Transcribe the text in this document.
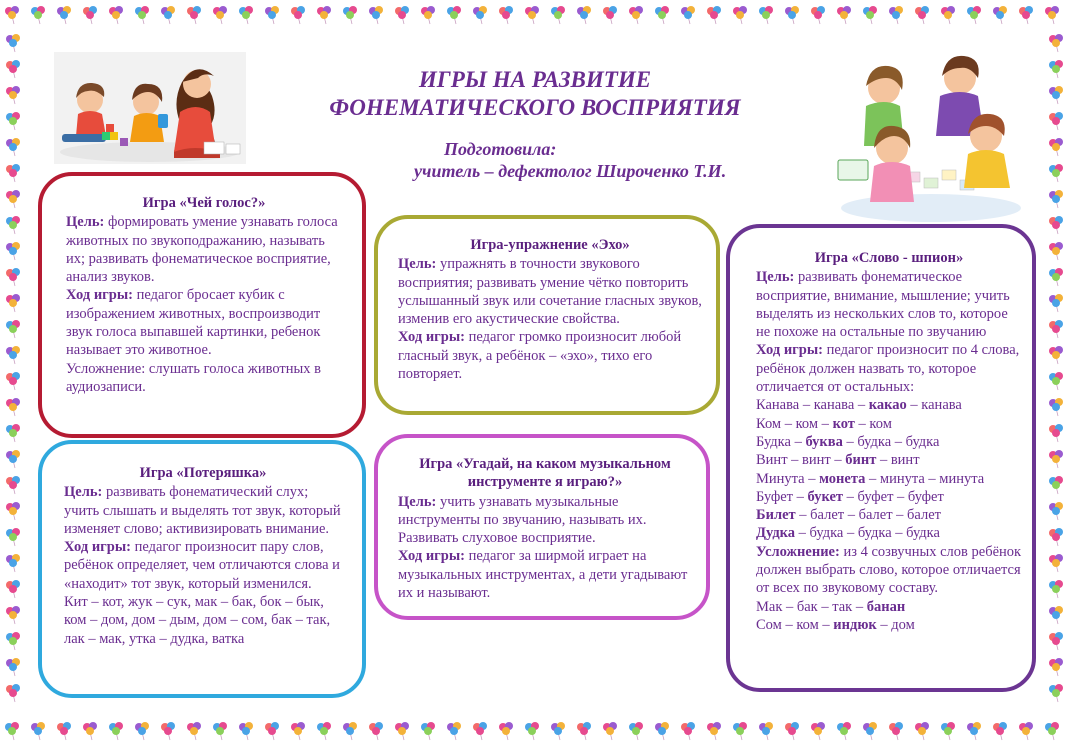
ИГРЫ НА РАЗВИТИЕ
ФОНЕМАТИЧЕСКОГО ВОСПРИЯТИЯ
Подготовила:
учитель – дефектолог Широченко Т.И.
Игра «Чей голос?»

Цель: формировать умение узнавать голоса животных по звукоподражанию, называть их; развивать фонематическое восприятие, анализ звуков.

Ход игры: педагог бросает кубик с изображением животных, воспроизводит звук голоса выпавшей картинки, ребенок называет это животное.

Усложнение: слушать голоса животных в аудиозаписи.

Игра «Потеряшка»

Цель: развивать фонематический слух; учить слышать и выделять тот звук, который изменяет слово; активизировать внимание.

Ход игры: педагог произносит пару слов, ребёнок определяет, чем отличаются слова и «находит» тот звук, который изменился.

Кит – кот, жук – сук, мак – бак, бок – бык, ком – дом, дом – дым, дом – сом, бак – так, лак – мак, утка – дудка, ватка

Игра-упражнение «Эхо»

Цель: упражнять в точности звукового восприятия; развивать умение чётко повторить услышанный звук или сочетание гласных звуков, изменив его акустические свойства.

Ход игры: педагог громко произносит любой гласный звук, а ребёнок – «эхо», тихо его повторяет.

Игра «Угадай, на каком музыкальном инструменте я играю?»

Цель: учить узнавать музыкальные инструменты по звучанию, называть их. Развивать слуховое восприятие.

Ход игры: педагог за ширмой играет на музыкальных инструментах, а дети угадывают их и называют.

Игра «Слово - шпион»

Цель: развивать фонематическое восприятие, внимание, мышление; учить выделять из нескольких слов то, которое не похоже на остальные по звучанию

Ход игры: педагог произносит по 4 слова, ребёнок должен назвать то, которое отличается от остальных:

Канава – канава – какао – канава

Ком – ком – кот – ком

Будка – буква – будка – будка

Винт – винт – бинт – винт

Минута – монета – минута – минута

Буфет – букет – буфет – буфет

Билет – балет – балет – балет

Дудка – будка – будка – будка

Усложнение: из 4 созвучных слов ребёнок должен выбрать слово, которое отличается от всех по звуковому составу.

Мак – бак – так – банан

Сом – ком – индюк – дом
